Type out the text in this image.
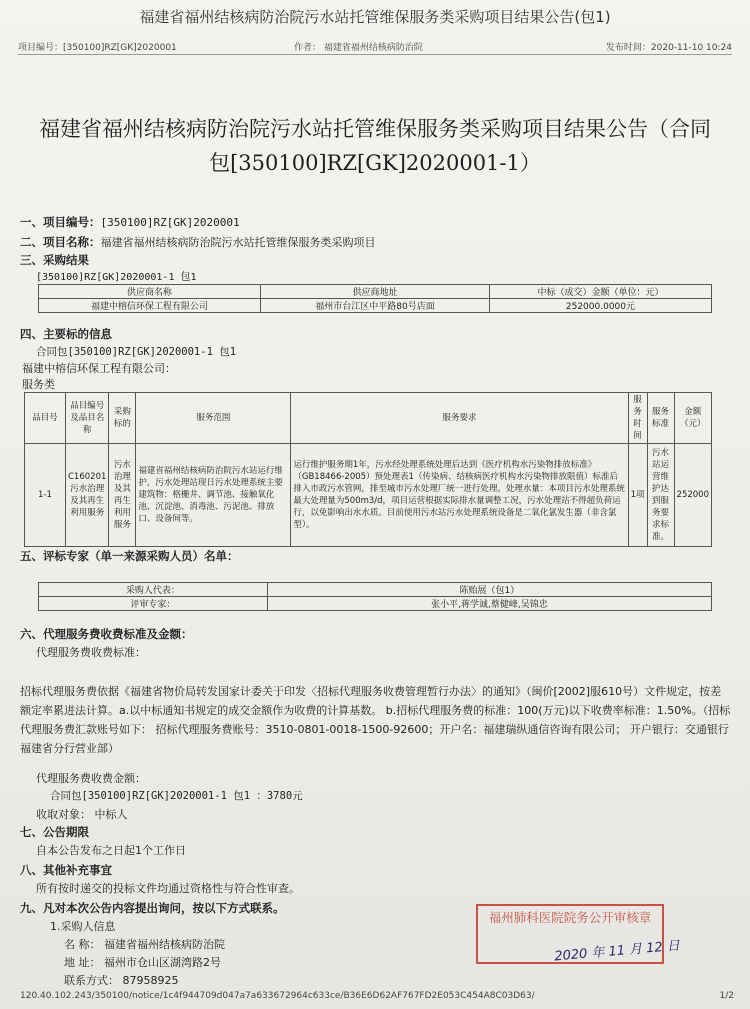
福建省福州结核病防治院污水站托管维保服务类采购项目结果公告(包1)
项目编号：[350100]RZ[GK]2020001	作者： 福建省福州结核病防治院	发布时间：2020-11-10 10:24
福建省福州结核病防治院污水站托管维保服务类采购项目结果公告（合同
包[350100]RZ[GK]2020001-1）
一、项目编号：[350100]RZ[GK]2020001
二、项目名称：福建省福州结核病防治院污水站托管维保服务类采购项目
三、采购结果
[350100]RZ[GK]2020001-1 包1
供应商名称	供应商地址	中标（成交）金额（单位：元）
福建中榕信环保工程有限公司	福州市台江区中平路80号店面	252000.0000元
四、主要标的信息
合同包[350100]RZ[GK]2020001-1 包1
福建中榕信环保工程有限公司：
服务类
品目号	品目编号及品目名称	采购标的	服务范围	服务要求	服务时间	服务标准	金额（元）
1-1	C160201污水治理及其再生利用服务	污水治理及其再生利用服务	福建省福州结核病防治院污水站运行维护，污水处理站现日污水处理系统主要建筑物：格栅井、调节池、接触氧化池、沉淀池、消毒池、污泥池、排放口、设备间等。	运行维护服务期1年，污水经处理系统处理后达到《医疗机构水污染物排放标准》（GB18466-2005）预处理表1（传染病、结核病医疗机构水污染物排放限值）标准后排入市政污水管网，排至城市污水处理厂统一进行处理。处理水量：本项目污水处理系统最大处理量为500m3/d，项目运营根据实际排水量调整工况，污水处理站不得超负荷运行，以免影响出水水质。目前使用污水站污水处理系统设备是二氧化氯发生器（非含氯型）。	1项	污水站运营维护达到服务要求标准。	252000
五、评标专家（单一来源采购人员）名单：
采购人代表：	陈贻展（包1）
评审专家：	张小平,蒋学诚,蔡健峰,吴锦忠
六、代理服务费收费标准及金额：
代理服务费收费标准：
招标代理服务费依据《福建省物价局转发国家计委关于印发〈招标代理服务收费管理暂行办法〉的通知》（闽价[2002]服610号）文件规定，按差额定率累进法计算。a.以中标通知书规定的成交金额作为收费的计算基数。 b.招标代理服务费的标准：100(万元)以下收费率标准：1.50%。（招标代理服务费汇款账号如下： 招标代理服务费账号：3510-0801-0018-1500-92600；开户名：福建瑞纵通信咨询有限公司； 开户银行：交通银行福建省分行营业部）
代理服务费收费金额：
合同包[350100]RZ[GK]2020001-1 包1 ：3780元
收取对象： 中标人
七、公告期限
自本公告发布之日起1个工作日
八、其他补充事宜
所有按时递交的投标文件均通过资格性与符合性审查。
九、凡对本次公告内容提出询问，按以下方式联系。
1.采购人信息
名 称： 福建省福州结核病防治院
地 址： 福州市仓山区湖湾路2号
联系方式： 87958925
福州肺科医院院务公开审核章
2020 年 11 月 12 日
120.40.102.243/350100/notice/1c4f944709d047a7a633672964c633ce/B36E6D62AF767FD2E053C454A8C03D63/	1/2
